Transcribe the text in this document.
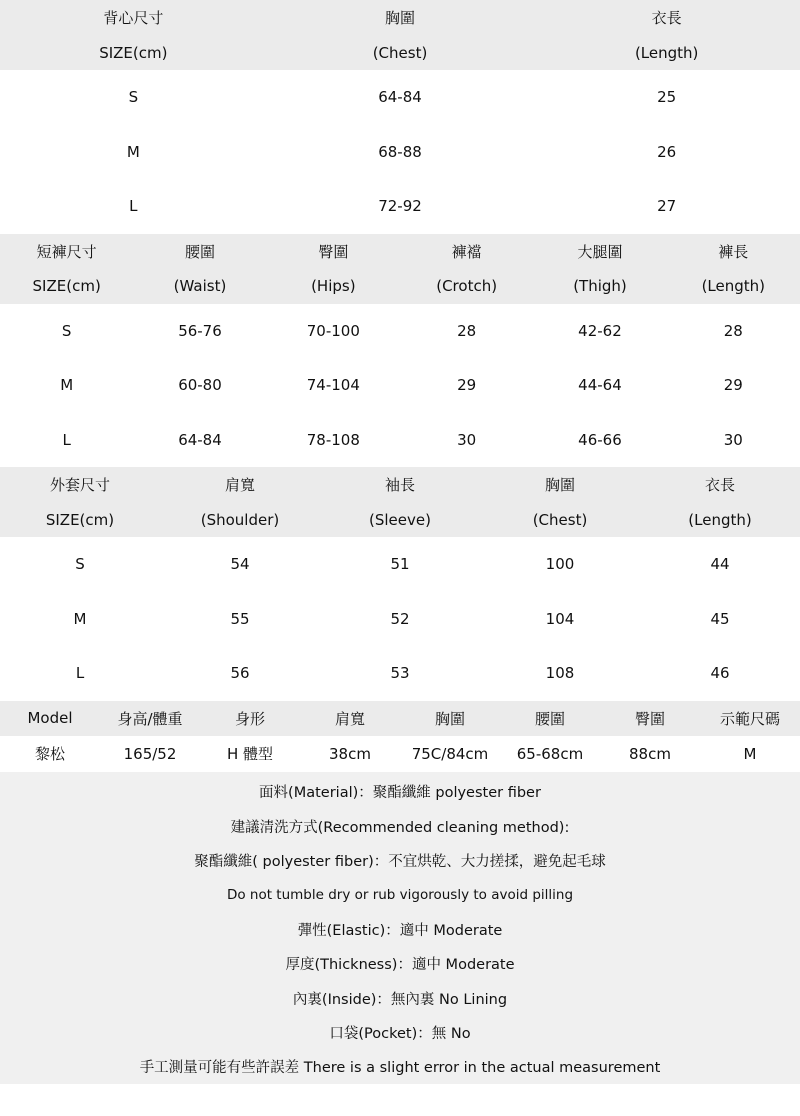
背心尺寸	胸圍	衣長
SIZE(cm)	(Chest)	(Length)
S	64-84	25
M	68-88	26
L	72-92	27
短褲尺寸	腰圍	臀圍	褲襠	大腿圍	褲長
SIZE(cm)	(Waist)	(Hips)	(Crotch)	(Thigh)	(Length)
S	56-76	70-100	28	42-62	28
M	60-80	74-104	29	44-64	29
L	64-84	78-108	30	46-66	30
外套尺寸	肩寬	袖長	胸圍	衣長
SIZE(cm)	(Shoulder)	(Sleeve)	(Chest)	(Length)
S	54	51	100	44
M	55	52	104	45
L	56	53	108	46
Model	身高/體重	身形	肩寬	胸圍	腰圍	臀圍	示範尺碼
黎松	165/52	H 體型	38cm	75C/84cm	65-68cm	88cm	M
面料(Material)：聚酯纖維 polyester fiber
建議清洗方式(Recommended cleaning method):
聚酯纖維( polyester fiber)：不宜烘乾、大力搓揉，避免起毛球
Do not tumble dry or rub vigorously to avoid pilling
彈性(Elastic)：適中 Moderate
厚度(Thickness)：適中 Moderate
內裏(Inside)：無內裏 No Lining
口袋(Pocket)：無 No
手工測量可能有些許誤差 There is a slight error in the actual measurement
